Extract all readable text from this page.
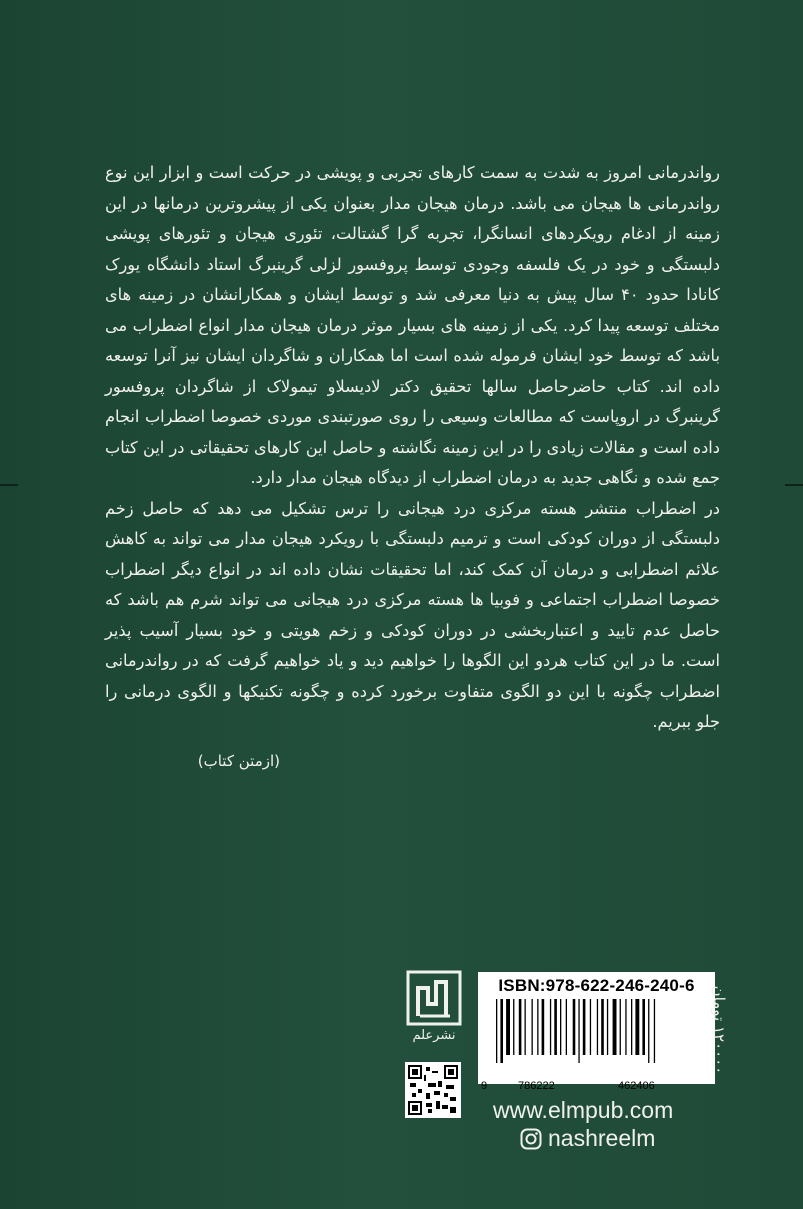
رواندرمانی امروز به شدت به سمت کارهای تجربی و پویشی در حرکت است و ابزار این نوع رواندرمانی ها هیجان می باشد. درمان هیجان مدار بعنوان یکی از پیشروترین درمانها در این زمینه از ادغام رویکردهای انسانگرا، تجربه گرا گشتالت، تئوری هیجان و تئورهای پویشی دلبستگی و خود در یک فلسفه وجودی توسط پروفسور لزلی گرینبرگ استاد دانشگاه یورک کانادا حدود ۴۰ سال پیش به دنیا معرفی شد و توسط ایشان و همکارانشان در زمینه های مختلف توسعه پیدا کرد. یکی از زمینه های بسیار موثر درمان هیجان مدار انواع اضطراب می باشد که توسط خود ایشان فرموله شده است اما همکاران و شاگردان ایشان نیز آنرا توسعه داده اند. کتاب حاضرحاصل سالها تحقیق دکتر لادیسلاو تیمولاک از شاگردان پروفسور گرینبرگ در اروپاست که مطالعات وسیعی را روی صورتبندی موردی خصوصا اضطراب انجام داده است و مقالات زیادی را در این زمینه نگاشته و حاصل این کارهای تحقیقاتی در این کتاب جمع شده و نگاهی جدید به درمان اضطراب از دیدگاه هیجان مدار دارد.

در اضطراب منتشر هسته مرکزی درد هیجانی را ترس تشکیل می دهد که حاصل زخم دلبستگی از دوران کودکی است و ترمیم دلبستگی با رویکرد هیجان مدار می تواند به کاهش علائم اضطرابی و درمان آن کمک کند، اما تحقیقات نشان داده اند در انواع دیگر اضطراب خصوصا اضطراب اجتماعی و فوبیا ها هسته مرکزی درد هیجانی می تواند شرم هم باشد که حاصل عدم تایید و اعتباربخشی در دوران کودکی و زخم هویتی و خود بسیار آسیب پذیر است. ما در این کتاب هردو این الگوها را خواهیم دید و یاد خواهیم گرفت که در رواندرمانی اضطراب چگونه با این دو الگوی متفاوت برخورد کرده و چگونه تکنیکها و الگوی درمانی را جلو ببریم.

(ازمتن کتاب)

نشرعلم
ISBN:978-622-246-240-6
9	786222	462406
۱۲۰۰۰۰ تومان
www.elmpub.com
nashreelm
